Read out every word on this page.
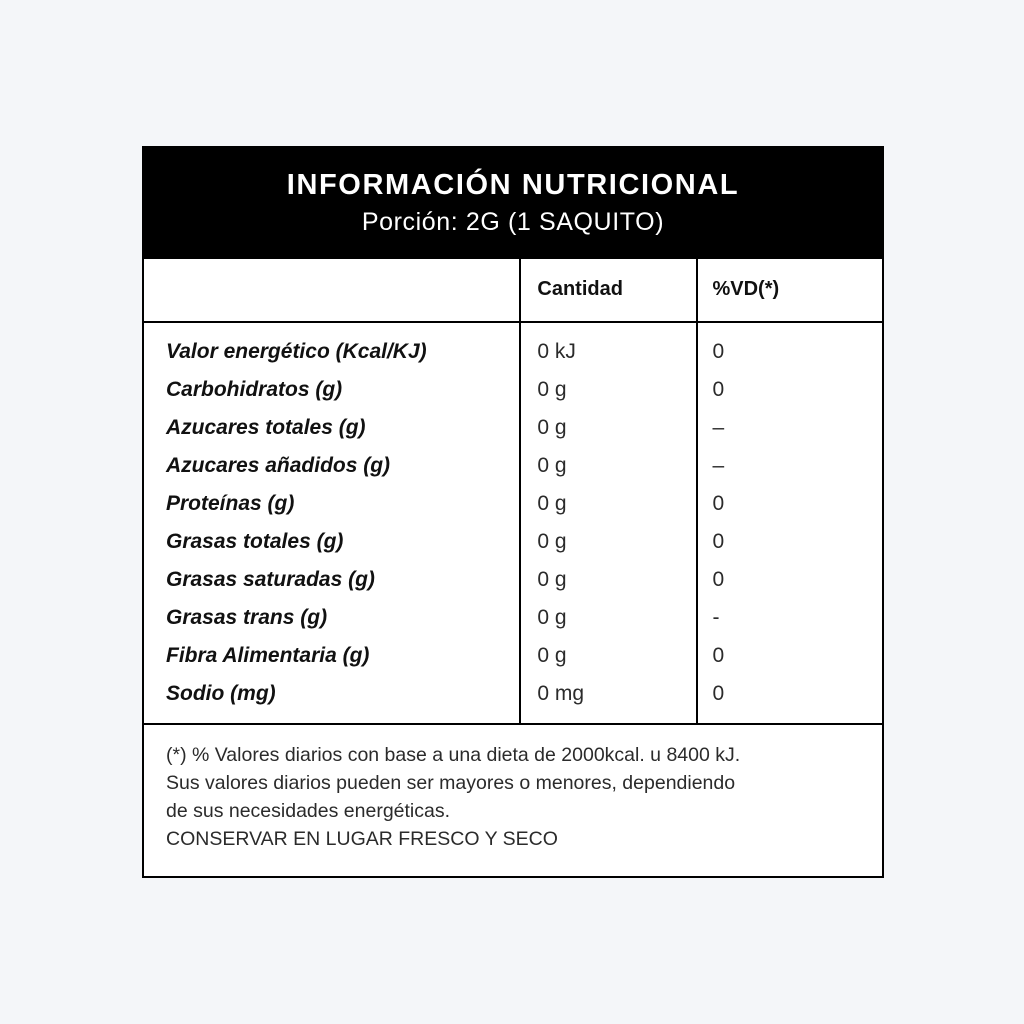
INFORMACIÓN NUTRICIONAL
Porción: 2G (1 SAQUITO)
	Cantidad	%VD(*)
Valor energético (Kcal/KJ)	0 kJ	0
Carbohidratos (g)	0 g	0
Azucares totales (g)	0 g	–
Azucares añadidos (g)	0 g	–
Proteínas (g)	0 g	0
Grasas totales (g)	0 g	0
Grasas saturadas (g)	0 g	0
Grasas trans (g)	0 g	-
Fibra Alimentaria (g)	0 g	0
Sodio (mg)	0 mg	0

(*) % Valores diarios con base a una dieta de 2000kcal. u 8400 kJ.

Sus valores diarios pueden ser mayores o menores, dependiendo

de sus necesidades energéticas.

CONSERVAR EN LUGAR FRESCO Y SECO
